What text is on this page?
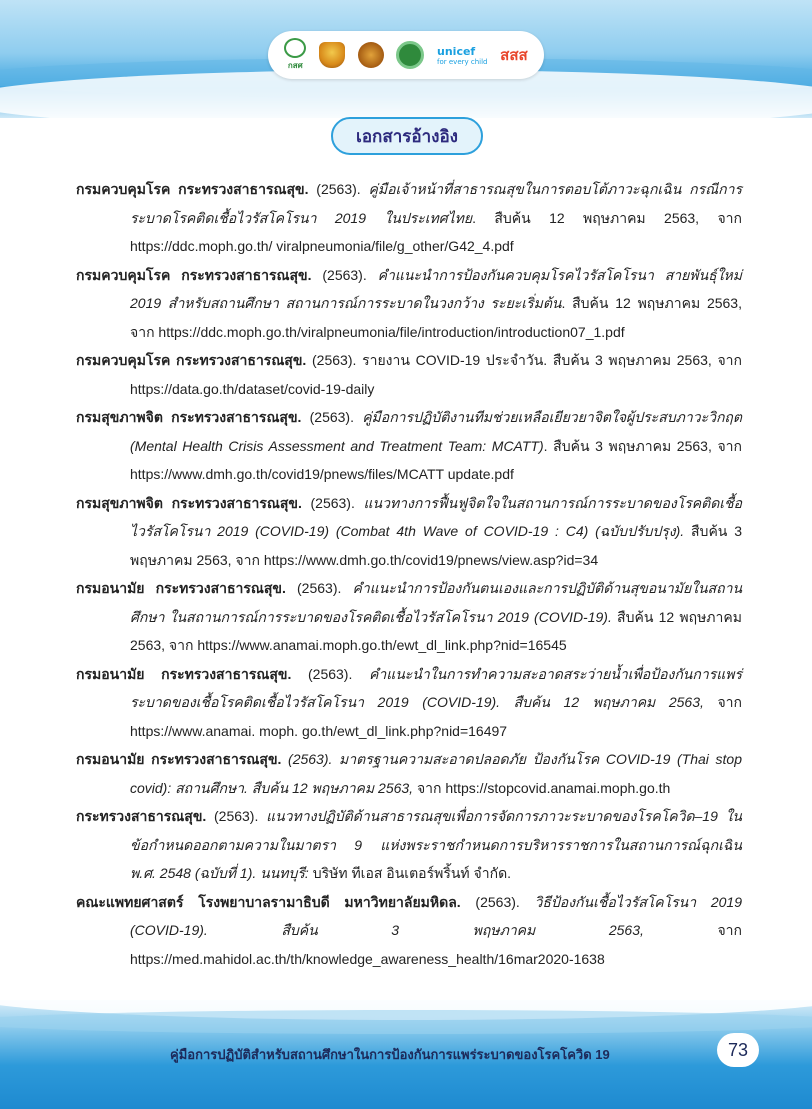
กสศ
unicef
for every child สสส
เอกสารอ้างอิง

กรมควบคุมโรค กระทรวงสาธารณสุข. (2563). คู่มือเจ้าหน้าที่สาธารณสุขในการตอบโต้ภาวะฉุกเฉิน กรณีการระบาดโรคติดเชื้อไวรัสโคโรนา 2019 ในประเทศไทย. สืบค้น 12 พฤษภาคม 2563, จาก https://ddc.moph.go.th/ viralpneumonia/file/g_other/G42_4.pdf

กรมควบคุมโรค กระทรวงสาธารณสุข. (2563). คำแนะนำการป้องกันควบคุมโรคไวรัสโคโรนา สายพันธุ์ใหม่ 2019 สำหรับสถานศึกษา สถานการณ์การระบาดในวงกว้าง ระยะเริ่มต้น. สืบค้น 12 พฤษภาคม 2563, จาก https://ddc.moph.go.th/viralpneumonia/file/introduction/introduction07_1.pdf

กรมควบคุมโรค กระทรวงสาธารณสุข. (2563). รายงาน COVID-19 ประจำวัน. สืบค้น 3 พฤษภาคม 2563, จาก https://data.go.th/dataset/covid-19-daily

กรมสุขภาพจิต กระทรวงสาธารณสุข. (2563). คู่มือการปฏิบัติงานทีมช่วยเหลือเยียวยาจิตใจผู้ประสบภาวะวิกฤต (Mental Health Crisis Assessment and Treatment Team: MCATT). สืบค้น 3 พฤษภาคม 2563, จาก https://www.dmh.go.th/covid19/pnews/files/MCATT update.pdf

กรมสุขภาพจิต กระทรวงสาธารณสุข. (2563). แนวทางการฟื้นฟูจิตใจในสถานการณ์การระบาดของโรคติดเชื้อไวรัสโคโรนา 2019 (COVID-19) (Combat 4th Wave of COVID-19 : C4) (ฉบับปรับปรุง). สืบค้น 3 พฤษภาคม 2563, จาก https://www.dmh.go.th/covid19/pnews/view.asp?id=34

กรมอนามัย กระทรวงสาธารณสุข. (2563). คำแนะนำการป้องกันตนเองและการปฏิบัติด้านสุขอนามัยในสถานศึกษา ในสถานการณ์การระบาดของโรคติดเชื้อไวรัสโคโรนา 2019 (COVID-19). สืบค้น 12 พฤษภาคม 2563, จาก https://www.anamai.moph.go.th/ewt_dl_link.php?nid=16545

กรมอนามัย กระทรวงสาธารณสุข. (2563). คำแนะนำในการทำความสะอาดสระว่ายน้ำเพื่อป้องกันการแพร่ระบาดของเชื้อโรคติดเชื้อไวรัสโคโรนา 2019 (COVID-19). สืบค้น 12 พฤษภาคม 2563, จาก https://www.anamai. moph. go.th/ewt_dl_link.php?nid=16497

กรมอนามัย กระทรวงสาธารณสุข. (2563). มาตรฐานความสะอาดปลอดภัย ป้องกันโรค COVID-19 (Thai stop covid): สถานศึกษา. สืบค้น 12 พฤษภาคม 2563, จาก https://stopcovid.anamai.moph.go.th

กระทรวงสาธารณสุข. (2563). แนวทางปฏิบัติด้านสาธารณสุขเพื่อการจัดการภาวะระบาดของโรคโควิด–19 ในข้อกำหนดออกตามความในมาตรา 9 แห่งพระราชกำหนดการบริหารราชการในสถานการณ์ฉุกเฉิน พ.ศ. 2548 (ฉบับที่ 1). นนทบุรี: บริษัท ทีเอส อินเตอร์พริ้นท์ จำกัด.

คณะแพทยศาสตร์ โรงพยาบาลรามาธิบดี มหาวิทยาลัยมหิดล. (2563). วิธีป้องกันเชื้อไวรัสโคโรนา 2019 (COVID-19). สืบค้น 3 พฤษภาคม 2563, จาก https://med.mahidol.ac.th/th/knowledge_awareness_health/16mar2020-1638

คู่มือการปฏิบัติสำหรับสถานศึกษาในการป้องกันการแพร่ระบาดของโรคโควิด 19	73
